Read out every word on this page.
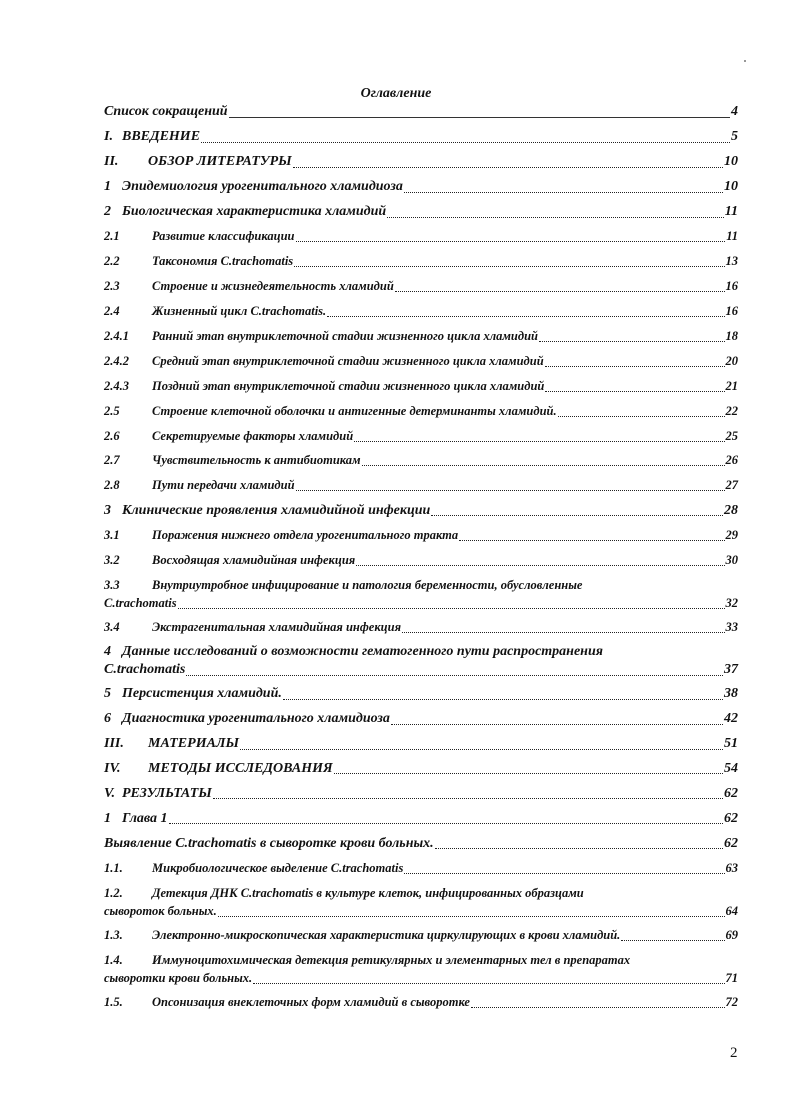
Оглавление
Список сокращений	4
I. ВВЕДЕНИЕ	5
II.	ОБЗОР ЛИТЕРАТУРЫ	10
1 Эпидемиология урогенитального хламидиоза	10
2 Биологическая характеристика хламидий	11
2.1	Развитие классификации	11
2.2	Таксономия C.trachomatis	13
2.3	Строение и жизнедеятельность хламидий	16
2.4	Жизненный цикл C.trachomatis.	16
2.4.1	Ранний этап внутриклеточной стадии жизненного цикла хламидий	18
2.4.2	Средний этап внутриклеточной стадии жизненного цикла хламидий	20
2.4.3	Поздний этап внутриклеточной стадии жизненного цикла хламидий	21
2.5	Строение клеточной оболочки и антигенные детерминанты хламидий.	22
2.6	Секретируемые факторы хламидий	25
2.7	Чувствительность к антибиотикам	26
2.8	Пути передачи хламидий	27
3 Клинические проявления хламидийной инфекции	28
3.1	Поражения нижнего отдела урогенитального тракта	29
3.2	Восходящая хламидийная инфекция	30
3.3	Внутриутробное инфицирование и патология беременности, обусловленные
C.trachomatis	32
3.4	Экстрагенитальная хламидийная инфекция	33
4 Данные исследований о возможности гематогенного пути распространения
C.trachomatis	37
5 Персистенция хламидий.	38
6 Диагностика урогенитального хламидиоза	42
III.	МАТЕРИАЛЫ	51
IV.	МЕТОДЫ ИССЛЕДОВАНИЯ	54
V. РЕЗУЛЬТАТЫ	62
1 Глава 1	62
Выявление C.trachomatis в сыворотке крови больных.	62
1.1.	Микробиологическое выделение C.trachomatis	63
1.2.	Детекция ДНК C.trachomatis в культуре клеток, инфицированных образцами
сывороток больных.	64
1.3.	Электронно-микроскопическая характеристика циркулирующих в крови хламидий.	69
1.4.	Иммуноцитохимическая детекция ретикулярных и элементарных тел в препаратах
сыворотки крови больных.	71
1.5.	Опсонизация внеклеточных форм хламидий в сыворотке	72
2
